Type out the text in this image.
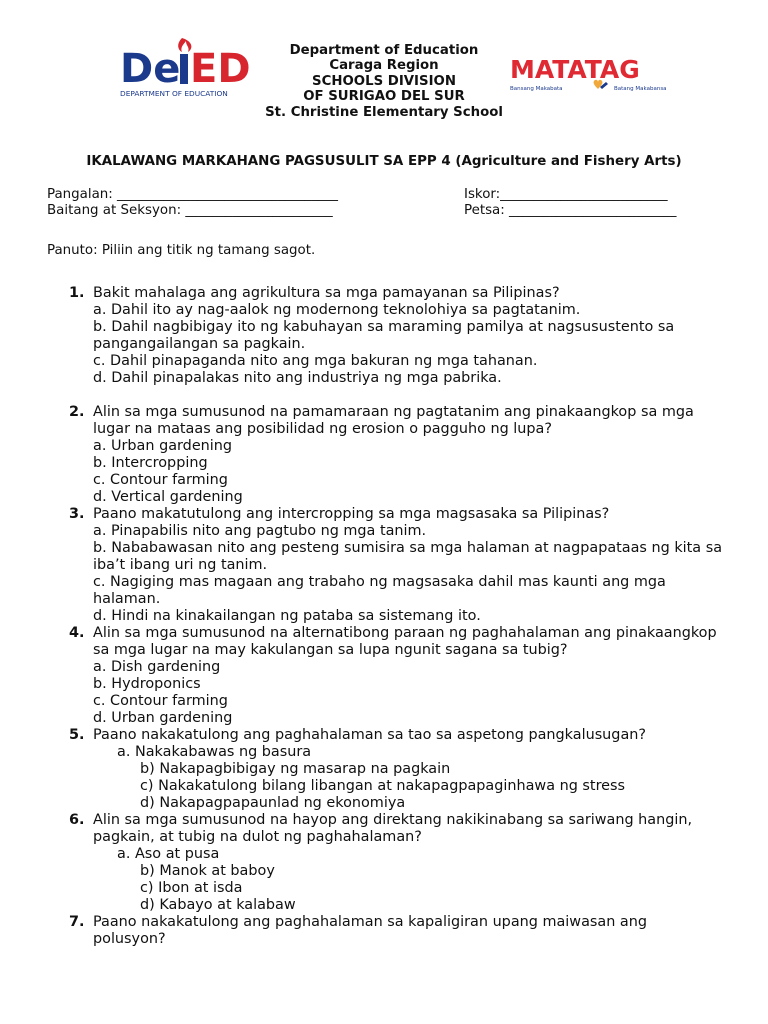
De ED
DEPARTMENT OF EDUCATION
MATATAG
Bansang Makabata	Batang Makabansa
Department of Education
Caraga Region
SCHOOLS DIVISION
OF SURIGAO DEL SUR
St. Christine Elementary School
IKALAWANG MARKAHANG PAGSUSULIT SA EPP 4 (Agriculture and Fishery Arts)
Pangalan: _________________________________
Baitang at Seksyon: ______________________
Iskor:_________________________
Petsa: _________________________
Panuto: Piliin ang titik ng tamang sagot.
1. Bakit mahalaga ang agrikultura sa mga pamayanan sa Pilipinas?
a. Dahil ito ay nag-aalok ng modernong teknolohiya sa pagtatanim.
b. Dahil nagbibigay ito ng kabuhayan sa maraming pamilya at nagsusustento sa pangangailangan sa pagkain.
c. Dahil pinapaganda nito ang mga bakuran ng mga tahanan.
d. Dahil pinapalakas nito ang industriya ng mga pabrika.
2. Alin sa mga sumusunod na pamamaraan ng pagtatanim ang pinakaangkop sa mga lugar na mataas ang posibilidad ng erosion o pagguho ng lupa?
a. Urban gardening
b. Intercropping
c. Contour farming
d. Vertical gardening
3. Paano makatutulong ang intercropping sa mga magsasaka sa Pilipinas?
a. Pinapabilis nito ang pagtubo ng mga tanim.
b. Nababawasan nito ang pesteng sumisira sa mga halaman at nagpapataas ng kita sa iba’t ibang uri ng tanim.
c. Nagiging mas magaan ang trabaho ng magsasaka dahil mas kaunti ang mga halaman.
d. Hindi na kinakailangan ng pataba sa sistemang ito.
4. Alin sa mga sumusunod na alternatibong paraan ng paghahalaman ang pinakaangkop sa mga lugar na may kakulangan sa lupa ngunit sagana sa tubig?
a. Dish gardening
b. Hydroponics
c. Contour farming
d. Urban gardening
5. Paano nakakatulong ang paghahalaman sa tao sa aspetong pangkalusugan?
a. Nakakabawas ng basura
b) Nakapagbibigay ng masarap na pagkain
c) Nakakatulong bilang libangan at nakapagpapaginhawa ng stress
d) Nakapagpapaunlad ng ekonomiya
6. Alin sa mga sumusunod na hayop ang direktang nakikinabang sa sariwang hangin, pagkain, at tubig na dulot ng paghahalaman?
a. Aso at pusa
b) Manok at baboy
c) Ibon at isda
d) Kabayo at kalabaw
7. Paano nakakatulong ang paghahalaman sa kapaligiran upang maiwasan ang polusyon?
